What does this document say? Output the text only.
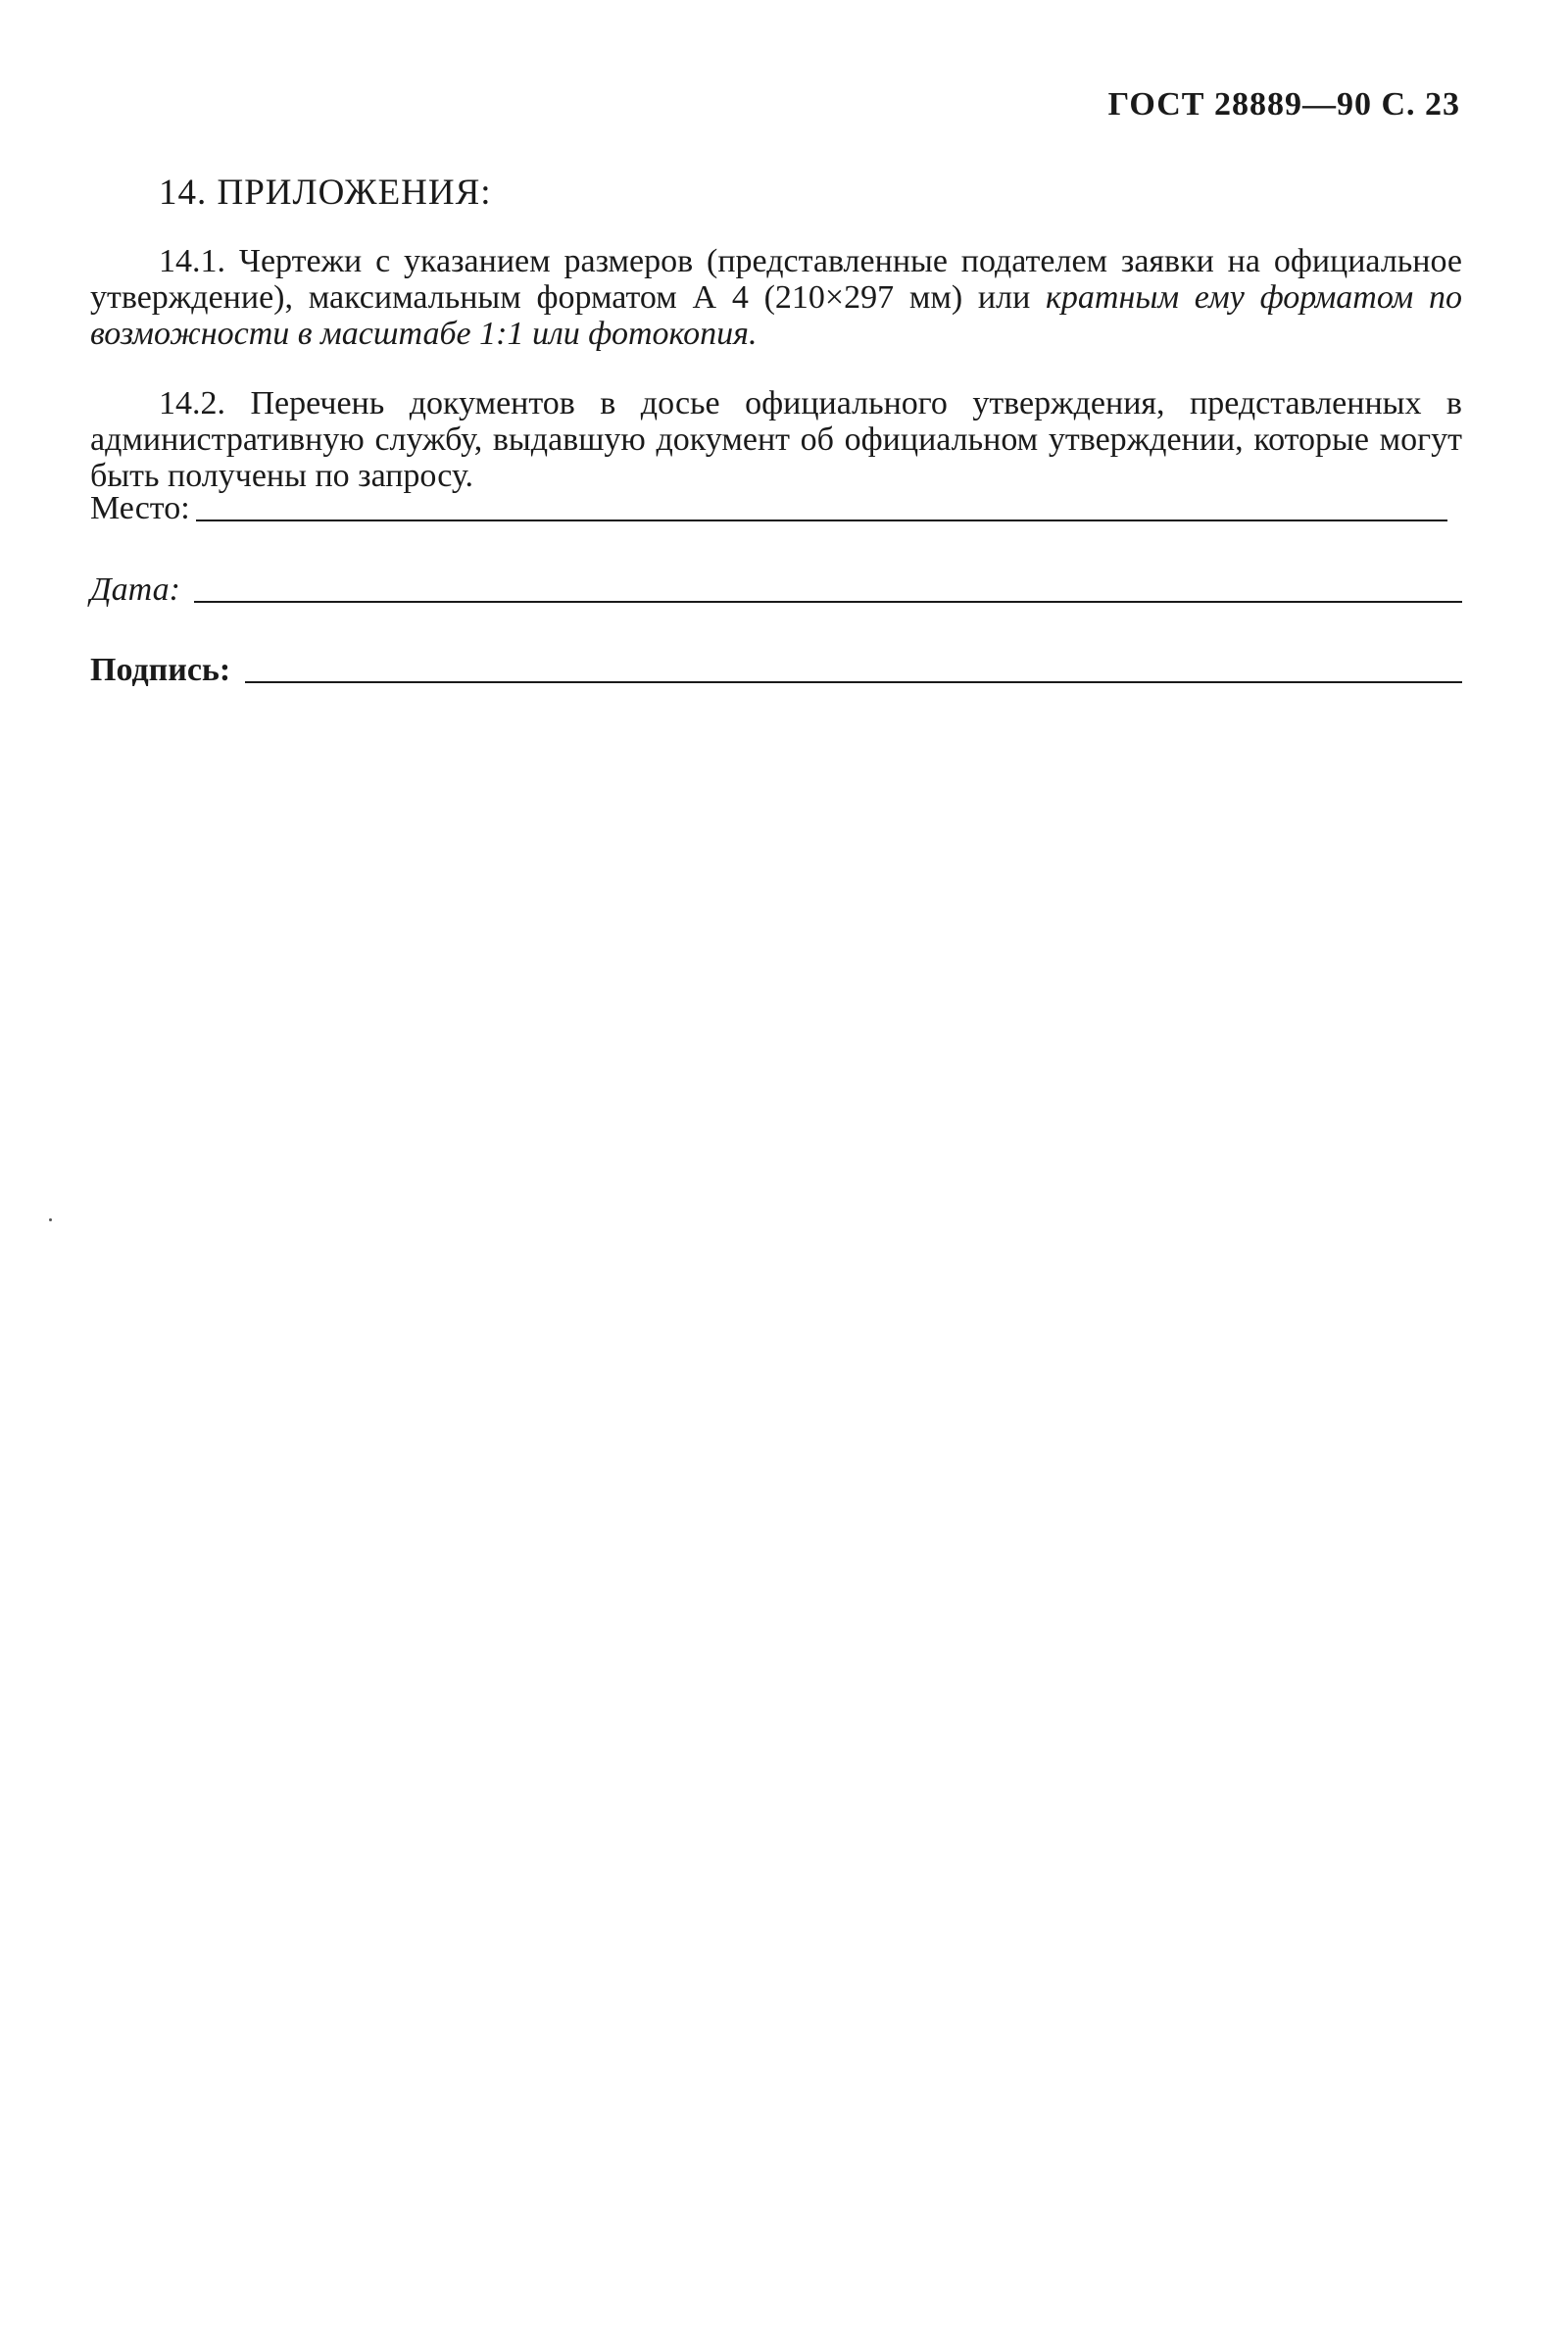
ГОСТ 28889—90 С. 23
14. ПРИЛОЖЕНИЯ:

14.1. Чертежи с указанием размеров (представленные подателем заявки на официальное утверждение), максимальным форматом А 4 (210×297 мм) или кратным ему форматом по возможности в масштабе 1:1 или фотокопия.

14.2. Перечень документов в досье официального утверждения, представленных в административную службу, выдавшую документ об официальном утверждении, которые могут быть получены по запросу.

Место:
Дата:
Подпись:
